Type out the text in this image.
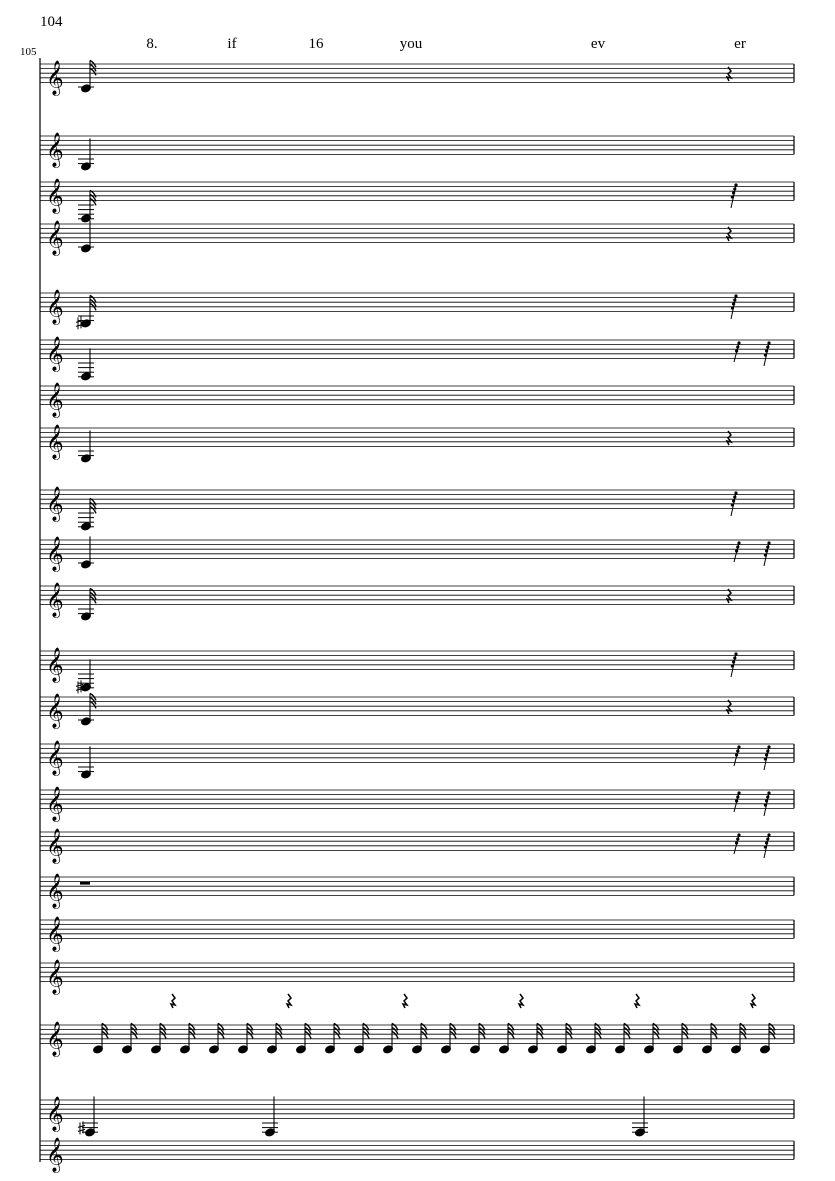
104
105	8.	if	16	you	ev	er
𝄞
𝄞
𝄞
𝄞
𝄞
𝄞
𝄞
𝄞
𝄞
𝄞
𝄞
𝄞
𝄞
𝄞
𝄞
𝄞
𝄞
𝄞
𝄞
𝄞
𝄞
𝄞
